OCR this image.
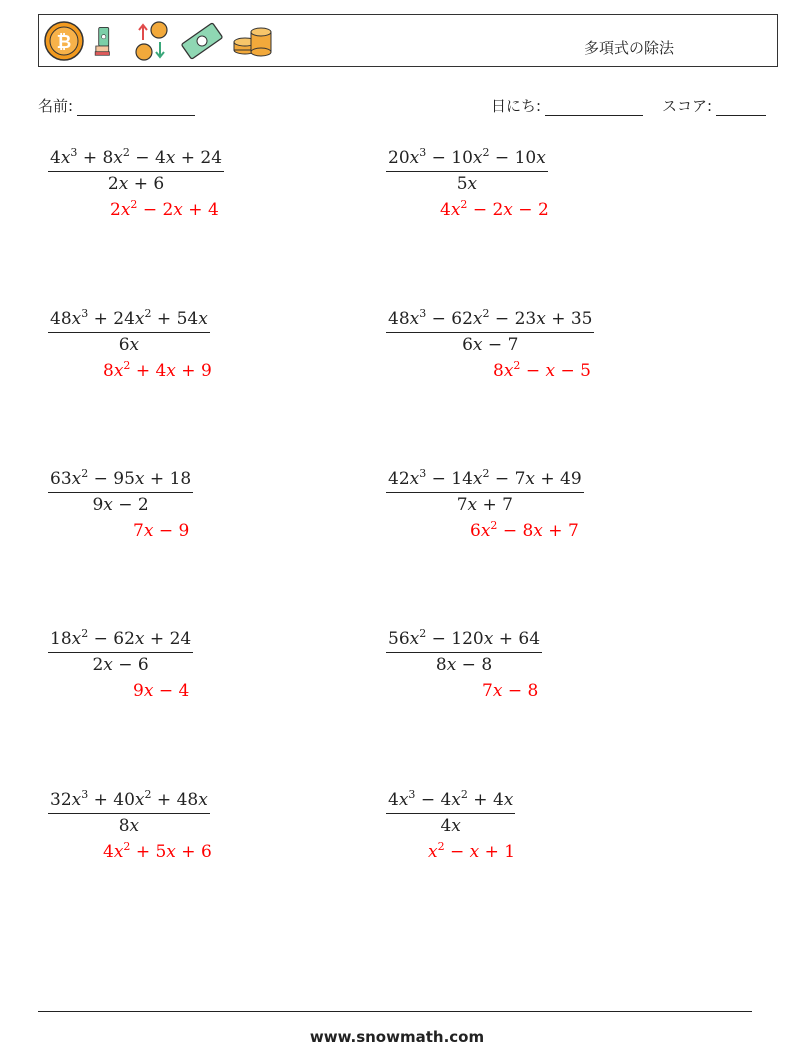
₿	多項式の除法
名前:	日にち:	スコア:
$\frac{4x^3 + 8x^2 - 4x + 24}{2x + 6}$
$2x^2 - 2x + 4$
$\frac{20x^3 - 10x^2 - 10x}{5x}$
$4x^2 - 2x - 2$
$\frac{48x^3 + 24x^2 + 54x}{6x}$
$8x^2 + 4x + 9$
$\frac{48x^3 - 62x^2 - 23x + 35}{6x - 7}$
$8x^2 - x - 5$
$\frac{63x^2 - 95x + 18}{9x - 2}$
7x − 9
$\frac{42x^3 - 14x^2 - 7x + 49}{7x + 7}$
$6x^2 - 8x + 7$
$\frac{18x^2 - 62x + 24}{2x - 6}$
9x − 4
$\frac{56x^2 - 120x + 64}{8x - 8}$
7x − 8
$\frac{32x^3 + 40x^2 + 48x}{8x}$
$4x^2 + 5x + 6$
$\frac{4x^3 - 4x^2 + 4x}{4x}$
$x^2 - x + 1$
www.snowmath.com
